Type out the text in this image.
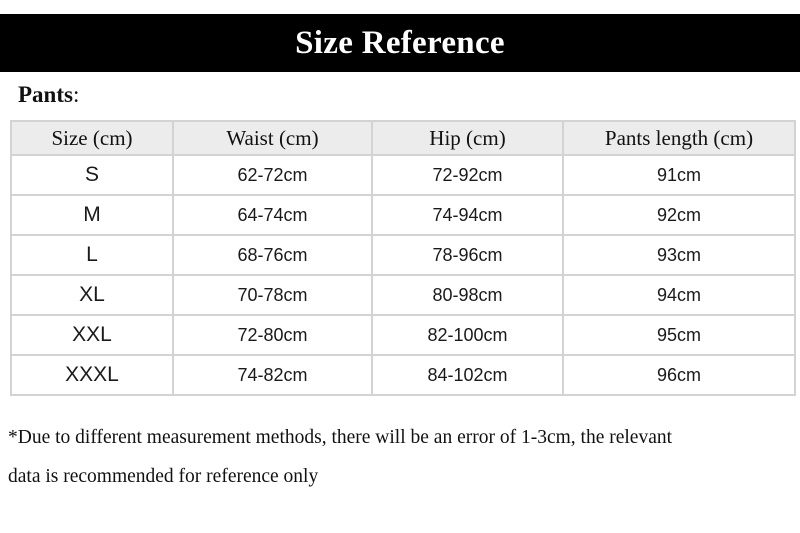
Size Reference
Pants:
Size (cm)	Waist (cm)	Hip (cm)	Pants length (cm)
S	62-72cm	72-92cm	91cm
M	64-74cm	74-94cm	92cm
L	68-76cm	78-96cm	93cm
XL	70-78cm	80-98cm	94cm
XXL	72-80cm	82-100cm	95cm
XXXL	74-82cm	84-102cm	96cm
*Due to different measurement methods, there will be an error of 1-3cm, the relevant
data is recommended for reference only
